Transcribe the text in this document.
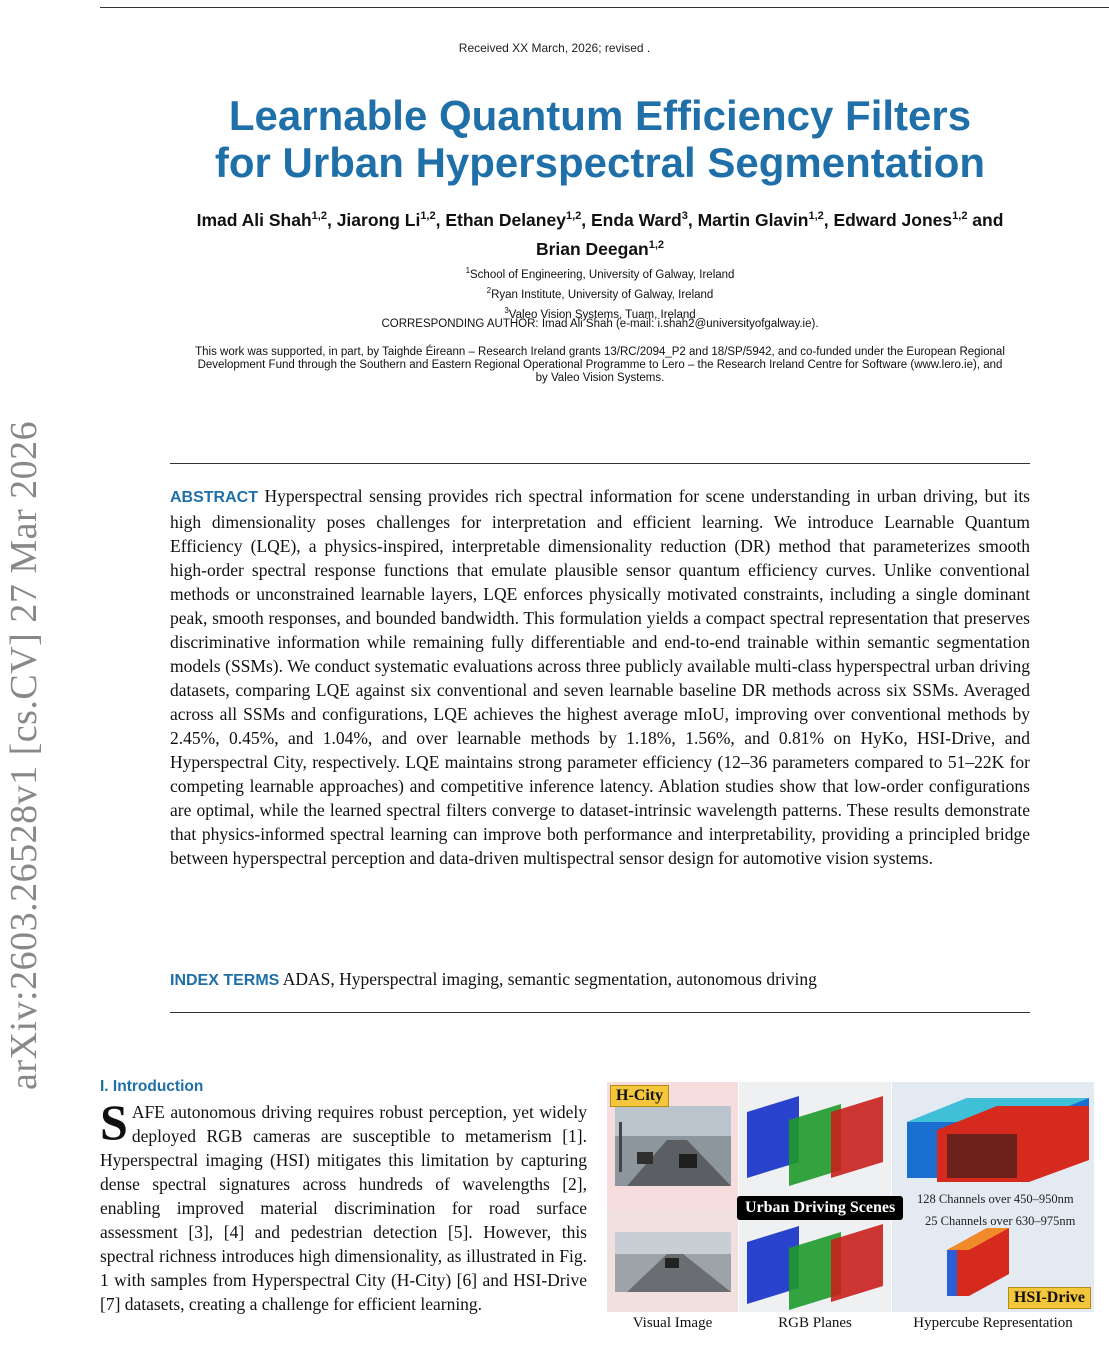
Received XX March, 2026; revised .
Learnable Quantum Efficiency Filters
for Urban Hyperspectral Segmentation
Imad Ali Shah$^{1,2}$, Jiarong Li$^{1,2}$, Ethan Delaney$^{1,2}$, Enda Ward$^3$, Martin Glavin$^{1,2}$, Edward Jones$^{1,2}$ and Brian Deegan$^{1,2}$
$^1$School of Engineering, University of Galway, Ireland
$^2$Ryan Institute, University of Galway, Ireland
$^3$Valeo Vision Systems, Tuam, Ireland
CORRESPONDING AUTHOR: Imad Ali Shah (e-mail: i.shah2@universityofgalway.ie).
This work was supported, in part, by Taighde Éireann – Research Ireland grants 13/RC/2094_P2 and 18/SP/5942, and co-funded under the European Regional Development Fund through the Southern and Eastern Regional Operational Programme to Lero – the Research Ireland Centre for Software (www.lero.ie), and by Valeo Vision Systems.
arXiv:2603.26528v1 [cs.CV] 27 Mar 2026	ABSTRACT Hyperspectral sensing provides rich spectral information for scene understanding in urban driving, but its high dimensionality poses challenges for interpretation and efficient learning. We introduce Learnable Quantum Efficiency (LQE), a physics-inspired, interpretable dimensionality reduction (DR) method that parameterizes smooth high-order spectral response functions that emulate plausible sensor quantum efficiency curves. Unlike conventional methods or unconstrained learnable layers, LQE enforces physically motivated constraints, including a single dominant peak, smooth responses, and bounded bandwidth. This formulation yields a compact spectral representation that preserves discriminative information while remaining fully differentiable and end-to-end trainable within semantic segmentation models (SSMs). We conduct systematic evaluations across three publicly available multi-class hyperspectral urban driving datasets, comparing LQE against six conventional and seven learnable baseline DR methods across six SSMs. Averaged across all SSMs and configurations, LQE achieves the highest average mIoU, improving over conventional methods by 2.45%, 0.45%, and 1.04%, and over learnable methods by 1.18%, 1.56%, and 0.81% on HyKo, HSI-Drive, and Hyperspectral City, respectively. LQE maintains strong parameter efficiency (12–36 parameters compared to 51–22K for competing learnable approaches) and competitive inference latency. Ablation studies show that low-order configurations are optimal, while the learned spectral filters converge to dataset-intrinsic wavelength patterns. These results demonstrate that physics-informed spectral learning can improve both performance and interpretability, providing a principled bridge between hyperspectral perception and data-driven multispectral sensor design for automotive vision systems.

INDEX TERMS ADAS, Hyperspectral imaging, semantic segmentation, autonomous driving
I. Introduction

SAFE autonomous driving requires robust perception, yet widely deployed RGB cameras are susceptible to metamerism [1]. Hyperspectral imaging (HSI) mitigates this limitation by capturing dense spectral signatures across hundreds of wavelengths [2], enabling improved material discrimination for road surface assessment [3], [4] and pedestrian detection [5]. However, this spectral richness introduces high dimensionality, as illustrated in Fig. 1 with samples from Hyperspectral City (H-City) [6] and HSI-Drive [7] datasets, creating a challenge for efficient learning.

H-City
HSI-Drive
Urban Driving Scenes	128 Channels over 450–950nm
25 Channels over 630–975nm
Visual Image	RGB Planes	Hypercube Representation
